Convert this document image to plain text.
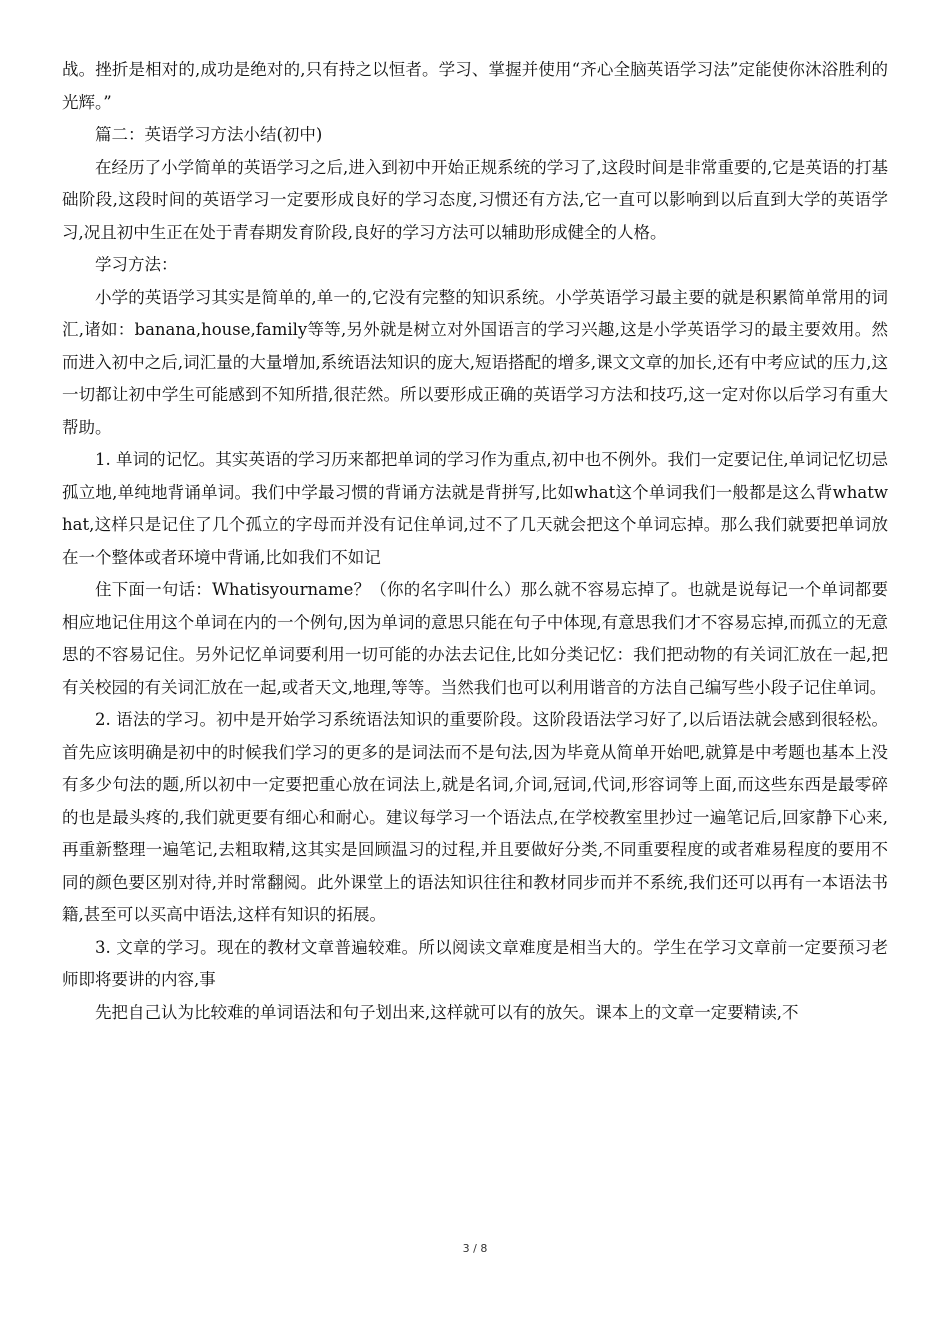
战。挫折是相对的,成功是绝对的,只有持之以恒者。学习、掌握并使用“齐心全脑英语学习法”定能使你沐浴胜利的光辉。”

篇二：英语学习方法小结(初中)

在经历了小学简单的英语学习之后,进入到初中开始正规系统的学习了,这段时间是非常重要的,它是英语的打基础阶段,这段时间的英语学习一定要形成良好的学习态度,习惯还有方法,它一直可以影响到以后直到大学的英语学习,况且初中生正在处于青春期发育阶段,良好的学习方法可以辅助形成健全的人格。

学习方法：

小学的英语学习其实是简单的,单一的,它没有完整的知识系统。小学英语学习最主要的就是积累简单常用的词汇,诸如：banana,house,family等等,另外就是树立对外国语言的学习兴趣,这是小学英语学习的最主要效用。然而进入初中之后,词汇量的大量增加,系统语法知识的庞大,短语搭配的增多,课文文章的加长,还有中考应试的压力,这一切都让初中学生可能感到不知所措,很茫然。所以要形成正确的英语学习方法和技巧,这一定对你以后学习有重大帮助。

1. 单词的记忆。其实英语的学习历来都把单词的学习作为重点,初中也不例外。我们一定要记住,单词记忆切忌孤立地,单纯地背诵单词。我们中学最习惯的背诵方法就是背拼写,比如what这个单词我们一般都是这么背whatwhat,这样只是记住了几个孤立的字母而并没有记住单词,过不了几天就会把这个单词忘掉。那么我们就要把单词放在一个整体或者环境中背诵,比如我们不如记

住下面一句话：Whatisyourname？（你的名字叫什么）那么就不容易忘掉了。也就是说每记一个单词都要相应地记住用这个单词在内的一个例句,因为单词的意思只能在句子中体现,有意思我们才不容易忘掉,而孤立的无意思的不容易记住。另外记忆单词要利用一切可能的办法去记住,比如分类记忆：我们把动物的有关词汇放在一起,把有关校园的有关词汇放在一起,或者天文,地理,等等。当然我们也可以利用谐音的方法自己编写些小段子记住单词。

2. 语法的学习。初中是开始学习系统语法知识的重要阶段。这阶段语法学习好了,以后语法就会感到很轻松。首先应该明确是初中的时候我们学习的更多的是词法而不是句法,因为毕竟从简单开始吧,就算是中考题也基本上没有多少句法的题,所以初中一定要把重心放在词法上,就是名词,介词,冠词,代词,形容词等上面,而这些东西是最零碎的也是最头疼的,我们就更要有细心和耐心。建议每学习一个语法点,在学校教室里抄过一遍笔记后,回家静下心来,再重新整理一遍笔记,去粗取精,这其实是回顾温习的过程,并且要做好分类,不同重要程度的或者难易程度的要用不同的颜色要区别对待,并时常翻阅。此外课堂上的语法知识往往和教材同步而并不系统,我们还可以再有一本语法书籍,甚至可以买高中语法,这样有知识的拓展。

3. 文章的学习。现在的教材文章普遍较难。所以阅读文章难度是相当大的。学生在学习文章前一定要预习老师即将要讲的内容,事

先把自己认为比较难的单词语法和句子划出来,这样就可以有的放矢。课本上的文章一定要精读,不

3 / 8
